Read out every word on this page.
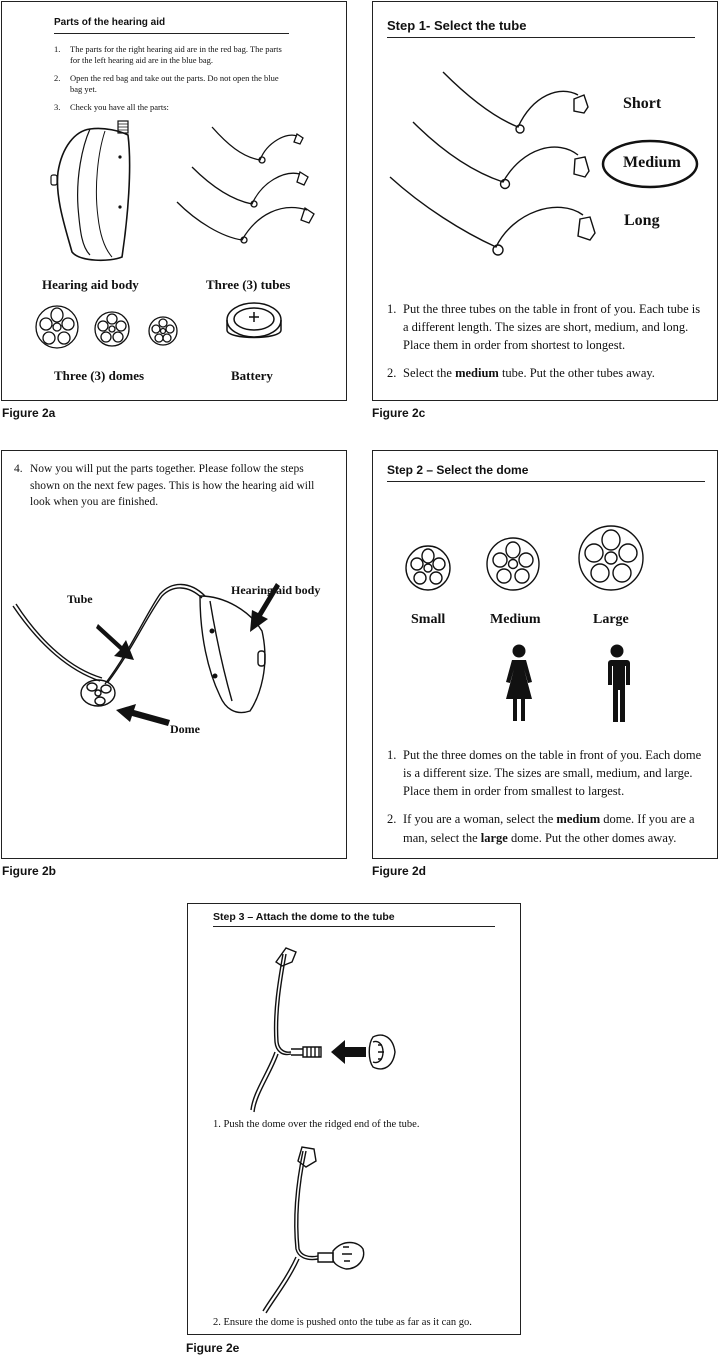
Parts of the hearing aid
1. The parts for the right hearing aid are in the red bag. The parts for the left hearing aid are in the blue bag.
2. Open the red bag and take out the parts. Do not open the blue bag yet.
3. Check you have all the parts:
Hearing aid body	Three (3) tubes
Three (3) domes	Battery
Figure 2a
Step 1- Select the tube
Short
Medium
Long
1. Put the three tubes on the table in front of you. Each tube is a different length. The sizes are short, medium, and long. Place them in order from shortest to longest.
2. Select the medium tube. Put the other tubes away.
Figure 2c
4. Now you will put the parts together. Please follow the steps shown on the next few pages. This is how the hearing aid will look when you are finished.
Tube
Hearing aid body
Dome
Figure 2b
Step 2 – Select the dome
Small	Medium	Large
1. Put the three domes on the table in front of you. Each dome is a different size. The sizes are small, medium, and large. Place them in order from smallest to largest.
2. If you are a woman, select the medium dome. If you are a man, select the large dome. Put the other domes away.
Figure 2d
Step 3 – Attach the dome to the tube
1. Push the dome over the ridged end of the tube.
2. Ensure the dome is pushed onto the tube as far as it can go.
Figure 2e
